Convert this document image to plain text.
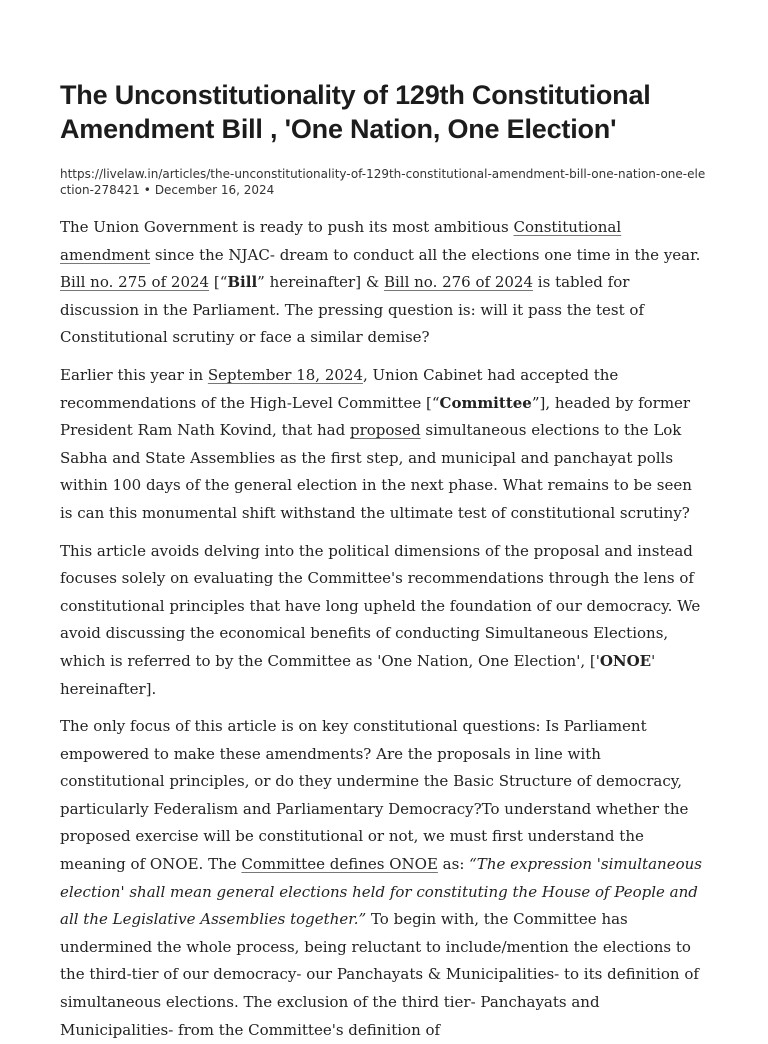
The Unconstitutionality of 129th Constitutional Amendment Bill , 'One Nation, One Election'
https://livelaw.in/articles/the-unconstitutionality-of-129th-constitutional-amendment-bill-one-nation-one-election-278421 • December 16, 2024

The Union Government is ready to push its most ambitious Constitutional amendment since the NJAC- dream to conduct all the elections one time in the year. Bill no. 275 of 2024 [“Bill” hereinafter] & Bill no. 276 of 2024 is tabled for discussion in the Parliament. The pressing question is: will it pass the test of Constitutional scrutiny or face a similar demise?

Earlier this year in September 18, 2024, Union Cabinet had accepted the recommendations of the High-Level Committee [“Committee”], headed by former President Ram Nath Kovind, that had proposed simultaneous elections to the Lok Sabha and State Assemblies as the first step, and municipal and panchayat polls within 100 days of the general election in the next phase. What remains to be seen is can this monumental shift withstand the ultimate test of constitutional scrutiny?

This article avoids delving into the political dimensions of the proposal and instead focuses solely on evaluating the Committee's recommendations through the lens of constitutional principles that have long upheld the foundation of our democracy. We avoid discussing the economical benefits of conducting Simultaneous Elections, which is referred to by the Committee as 'One Nation, One Election', ['ONOE' hereinafter].

The only focus of this article is on key constitutional questions: Is Parliament empowered to make these amendments? Are the proposals in line with constitutional principles, or do they undermine the Basic Structure of democracy, particularly Federalism and Parliamentary Democracy?To understand whether the proposed exercise will be constitutional or not, we must first understand the meaning of ONOE. The Committee defines ONOE as: “The expression 'simultaneous election' shall mean general elections held for constituting the House of People and all the Legislative Assemblies together.” To begin with, the Committee has undermined the whole process, being reluctant to include/mention the elections to the third-tier of our democracy- our Panchayats & Municipalities- to its definition of simultaneous elections. The exclusion of the third tier- Panchayats and Municipalities- from the Committee's definition of
